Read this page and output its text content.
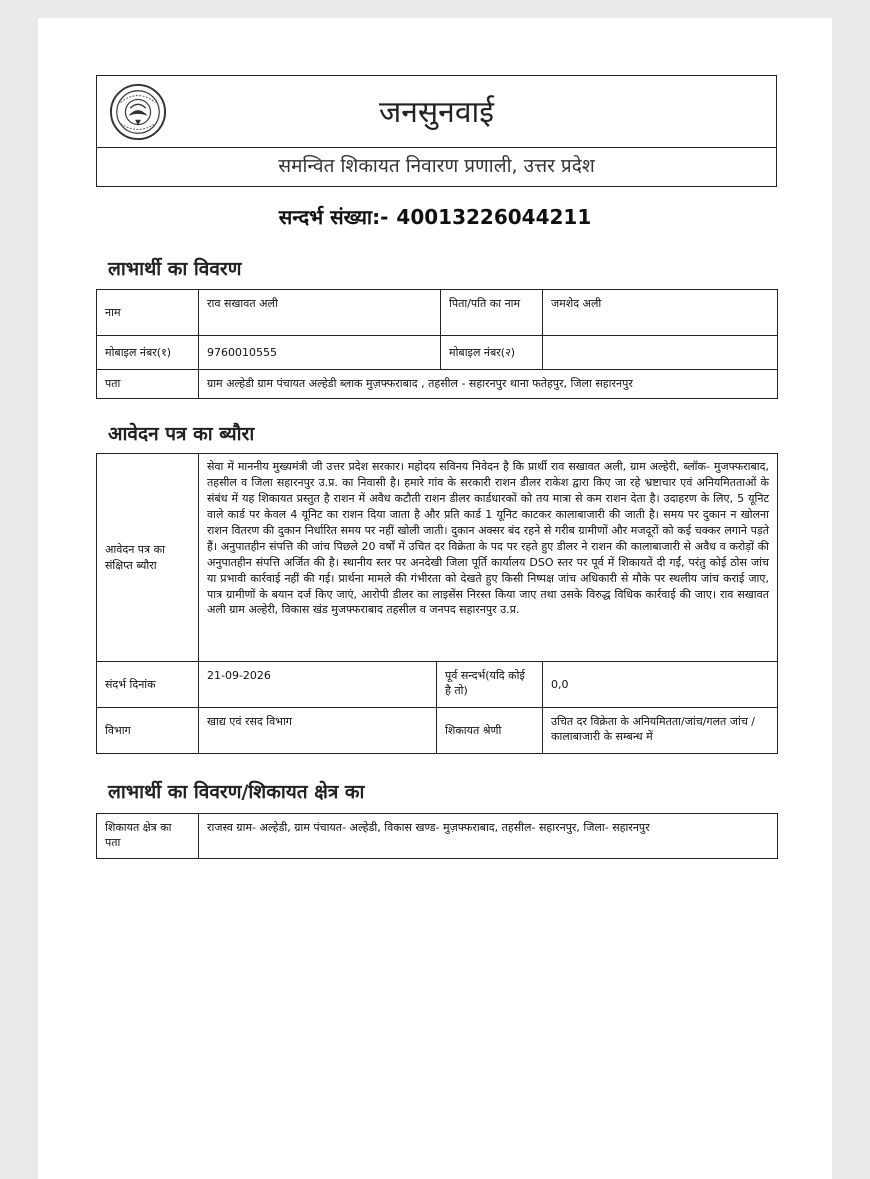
जनसुनवाई
समन्वित शिकायत निवारण प्रणाली, उत्तर प्रदेश
सन्दर्भ संख्या:- 40013226044211
लाभार्थी का विवरण
नाम	राव सखावत अली	पिता/पति का नाम	जमशेद अली
मोबाइल नंबर(१)	9760010555	मोबाइल नंबर(२)	
पता	ग्राम अल्हेडी ग्राम पंचायत अल्हेडी ब्लाक मुज़फ्फराबाद , तहसील - सहारनपुर थाना फतेहपुर, जिला सहारनपुर		
आवेदन पत्र का ब्यौरा
आवेदन पत्र का संक्षिप्त ब्यौरा	सेवा में माननीय मुख्यमंत्री जी उत्तर प्रदेश सरकार। महोदय सविनय निवेदन है कि प्रार्थी राव सखावत अली, ग्राम अल्हेरी, ब्लॉक- मुजफ्फराबाद, तहसील व जिला सहारनपुर उ.प्र. का निवासी है। हमारे गांव के सरकारी राशन डीलर राकेश द्वारा किए जा रहे भ्रष्टाचार एवं अनियमितताओं के संबंध में यह शिकायत प्रस्तुत है राशन में अवैध कटौती राशन डीलर कार्डधारकों को तय मात्रा से कम राशन देता है। उदाहरण के लिए, 5 यूनिट वाले कार्ड पर केवल 4 यूनिट का राशन दिया जाता है और प्रति कार्ड 1 यूनिट काटकर कालाबाजारी की जाती है। समय पर दुकान न खोलना राशन वितरण की दुकान निर्धारित समय पर नहीं खोली जाती। दुकान अक्सर बंद रहने से गरीब ग्रामीणों और मजदूरों को कई चक्कर लगाने पड़ते हैं। अनुपातहीन संपत्ति की जांच पिछले 20 वर्षों में उचित दर विक्रेता के पद पर रहते हुए डीलर ने राशन की कालाबाजारी से अवैध व करोड़ों की अनुपातहीन संपत्ति अर्जित की है। स्थानीय स्तर पर अनदेखी जिला पूर्ति कार्यालय DSO स्तर पर पूर्व में शिकायतें दी गईं, परंतु कोई ठोस जांच या प्रभावी कार्रवाई नहीं की गई। प्रार्थना मामले की गंभीरता को देखते हुए किसी निष्पक्ष जांच अधिकारी से मौके पर स्थलीय जांच कराई जाए, पात्र ग्रामीणों के बयान दर्ज किए जाएं, आरोपी डीलर का लाइसेंस निरस्त किया जाए तथा उसके विरुद्ध विधिक कार्रवाई की जाए। राव सखावत अली ग्राम अल्हेरी, विकास खंड मुजफ्फराबाद तहसील व जनपद सहारनपुर उ.प्र.		
संदर्भ दिनांक	21-09-2026	पूर्व सन्दर्भ(यदि कोई है तो)	0,0
विभाग	खाद्य एवं रसद विभाग	शिकायत श्रेणी	उचित दर विक्रेता के अनियमितता/जांच/गलत जांच / कालाबाजारी के सम्बन्ध में
लाभार्थी का विवरण/शिकायत क्षेत्र का
शिकायत क्षेत्र का पता	राजस्व ग्राम- अल्हेडी, ग्राम पंचायत- अल्हेडी, विकास खण्ड- मुज़फ्फराबाद, तहसील- सहारनपुर, जिला- सहारनपुर
